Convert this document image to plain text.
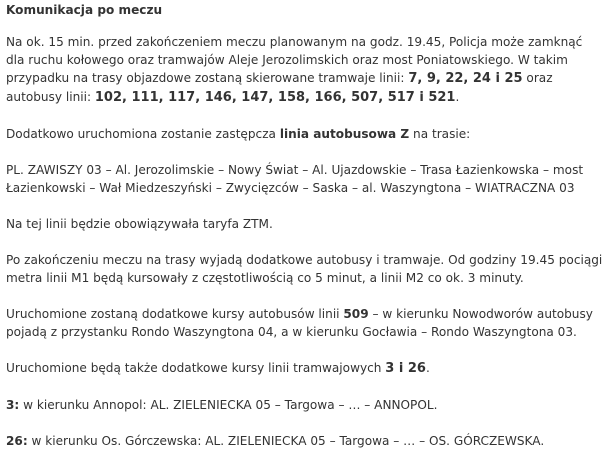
Komunikacja po meczu

Na ok. 15 min. przed zakończeniem meczu planowanym na godz. 19.45, Policja może zamknąć dla ruchu kołowego oraz tramwajów Aleje Jerozolimskich oraz most Poniatowskiego. W takim przypadku na trasy objazdowe zostaną skierowane tramwaje linii: 7, 9, 22, 24 i 25 oraz autobusy linii: 102, 111, 117, 146, 147, 158, 166, 507, 517 i 521.

Dodatkowo uruchomiona zostanie zastępcza linia autobusowa Z na trasie:

PL. ZAWISZY 03 – Al. Jerozolimskie – Nowy Świat – Al. Ujazdowskie – Trasa Łazienkowska – most Łazienkowski – Wał Miedzeszyński – Zwycięzców – Saska – al. Waszyngtona – WIATRACZNA 03

Na tej linii będzie obowiązywała taryfa ZTM.

Po zakończeniu meczu na trasy wyjadą dodatkowe autobusy i tramwaje. Od godziny 19.45 pociągi metra linii M1 będą kursowały z częstotliwością co 5 minut, a linii M2 co ok. 3 minuty.

Uruchomione zostaną dodatkowe kursy autobusów linii 509 – w kierunku Nowodworów autobusy pojadą z przystanku Rondo Waszyngtona 04, a w kierunku Gocławia – Rondo Waszyngtona 03.

Uruchomione będą także dodatkowe kursy linii tramwajowych 3 i 26.

3: w kierunku Annopol: AL. ZIELENIECKA 05 – Targowa – … – ANNOPOL.

26: w kierunku Os. Górczewska: AL. ZIELENIECKA 05 – Targowa – … – OS. GÓRCZEWSKA.
